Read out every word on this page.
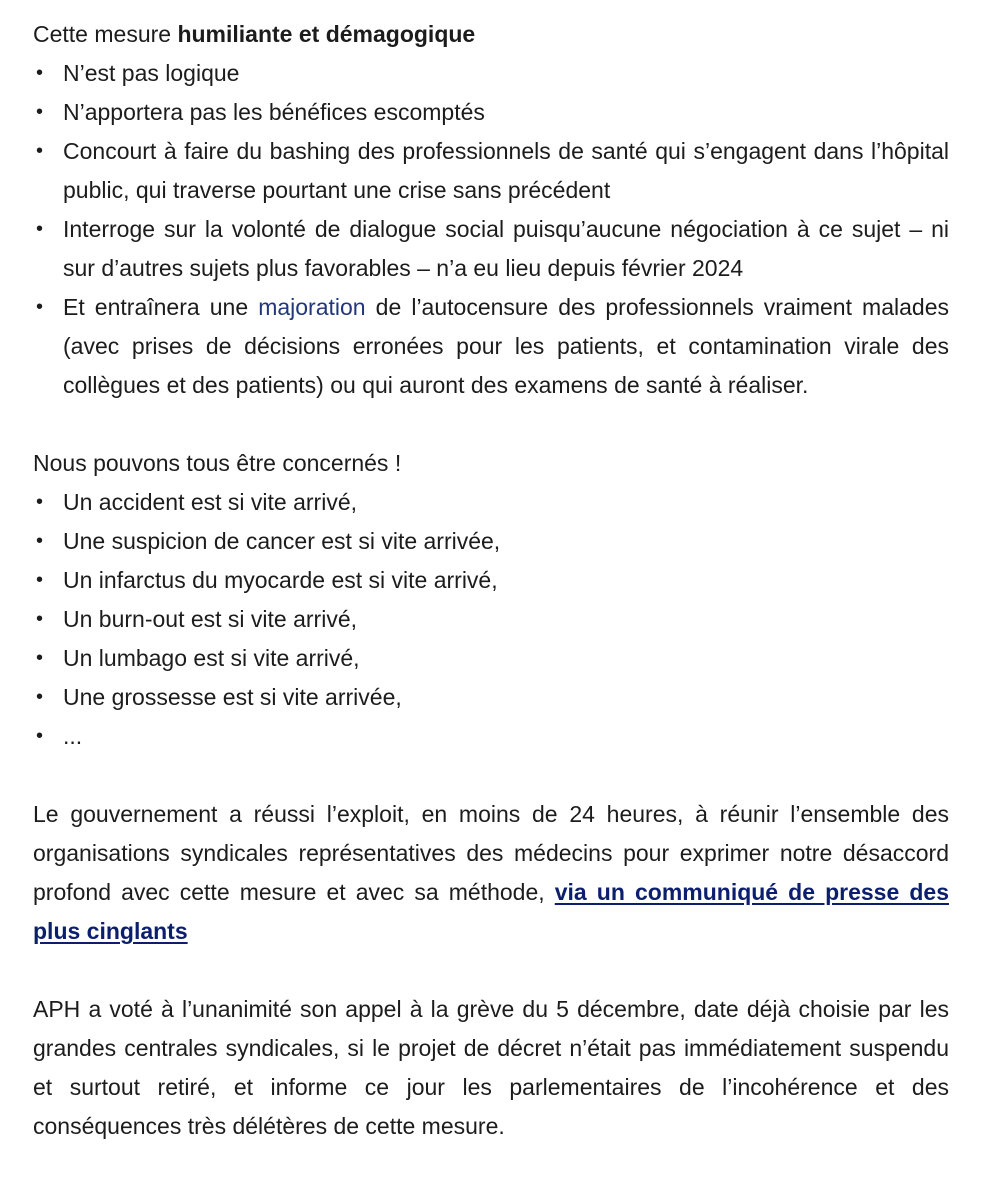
Cette mesure humiliante et démagogique

• N’est pas logique
• N’apportera pas les bénéfices escomptés
• Concourt à faire du bashing des professionnels de santé qui s’engagent dans l’hôpital public, qui traverse pourtant une crise sans précédent
• Interroge sur la volonté de dialogue social puisqu’aucune négociation à ce sujet – ni sur d’autres sujets plus favorables – n’a eu lieu depuis février 2024
• Et entraînera une majoration de l’autocensure des professionnels vraiment malades (avec prises de décisions erronées pour les patients, et contamination virale des collègues et des patients) ou qui auront des examens de santé à réaliser.

Nous pouvons tous être concernés !

• Un accident est si vite arrivé,
• Une suspicion de cancer est si vite arrivée,
• Un infarctus du myocarde est si vite arrivé,
• Un burn-out est si vite arrivé,
• Un lumbago est si vite arrivé,
• Une grossesse est si vite arrivée,
• ...

Le gouvernement a réussi l’exploit, en moins de 24 heures, à réunir l’ensemble des organisations syndicales représentatives des médecins pour exprimer notre désaccord profond avec cette mesure et avec sa méthode, via un communiqué de presse des plus cinglants

APH a voté à l’unanimité son appel à la grève du 5 décembre, date déjà choisie par les grandes centrales syndicales, si le projet de décret n’était pas immédiatement suspendu et surtout retiré, et informe ce jour les parlementaires de l’incohérence et des conséquences très délétères de cette mesure.
